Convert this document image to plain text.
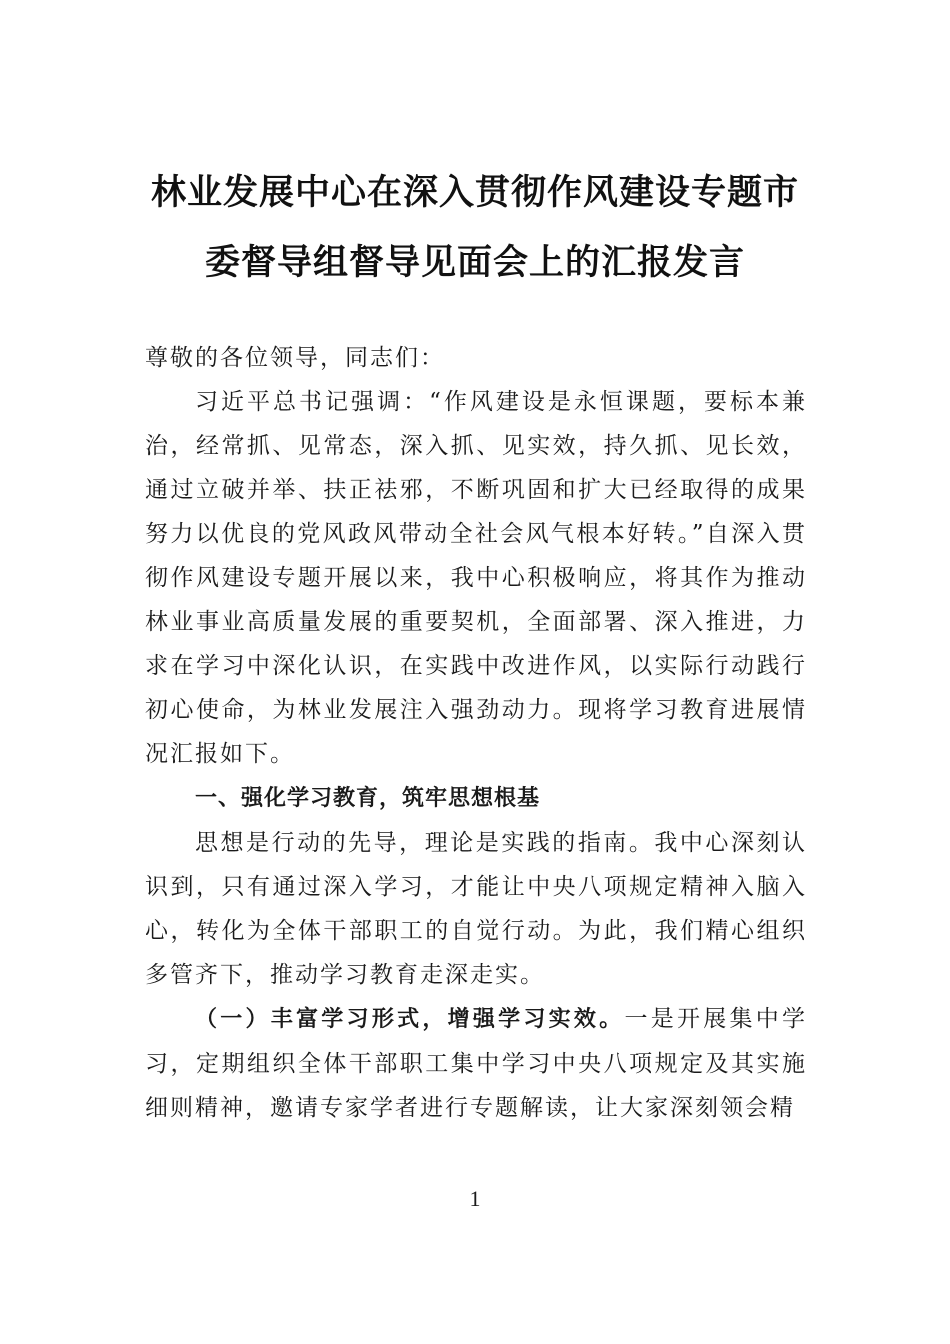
林业发展中心在深入贯彻作风建设专题市
委督导组督导见面会上的汇报发言
尊敬的各位领导，同志们：
习近平总书记强调：“作风建设是永恒课题，要标本兼治，经常抓、见常态，深入抓、见实效，持久抓、见长效，通过立破并举、扶正祛邪，不断巩固和扩大已经取得的成果努力以优良的党风政风带动全社会风气根本好转。”自深入贯彻作风建设专题开展以来，我中心积极响应，将其作为推动林业事业高质量发展的重要契机，全面部署、深入推进，力求在学习中深化认识，在实践中改进作风，以实际行动践行初心使命，为林业发展注入强劲动力。现将学习教育进展情况汇报如下。
一、强化学习教育，筑牢思想根基
思想是行动的先导，理论是实践的指南。我中心深刻认识到，只有通过深入学习，才能让中央八项规定精神入脑入心，转化为全体干部职工的自觉行动。为此，我们精心组织多管齐下，推动学习教育走深走实。
（一）丰富学习形式，增强学习实效。一是开展集中学习，定期组织全体干部职工集中学习中央八项规定及其实施细则精神，邀请专家学者进行专题解读，让大家深刻领会精
1
